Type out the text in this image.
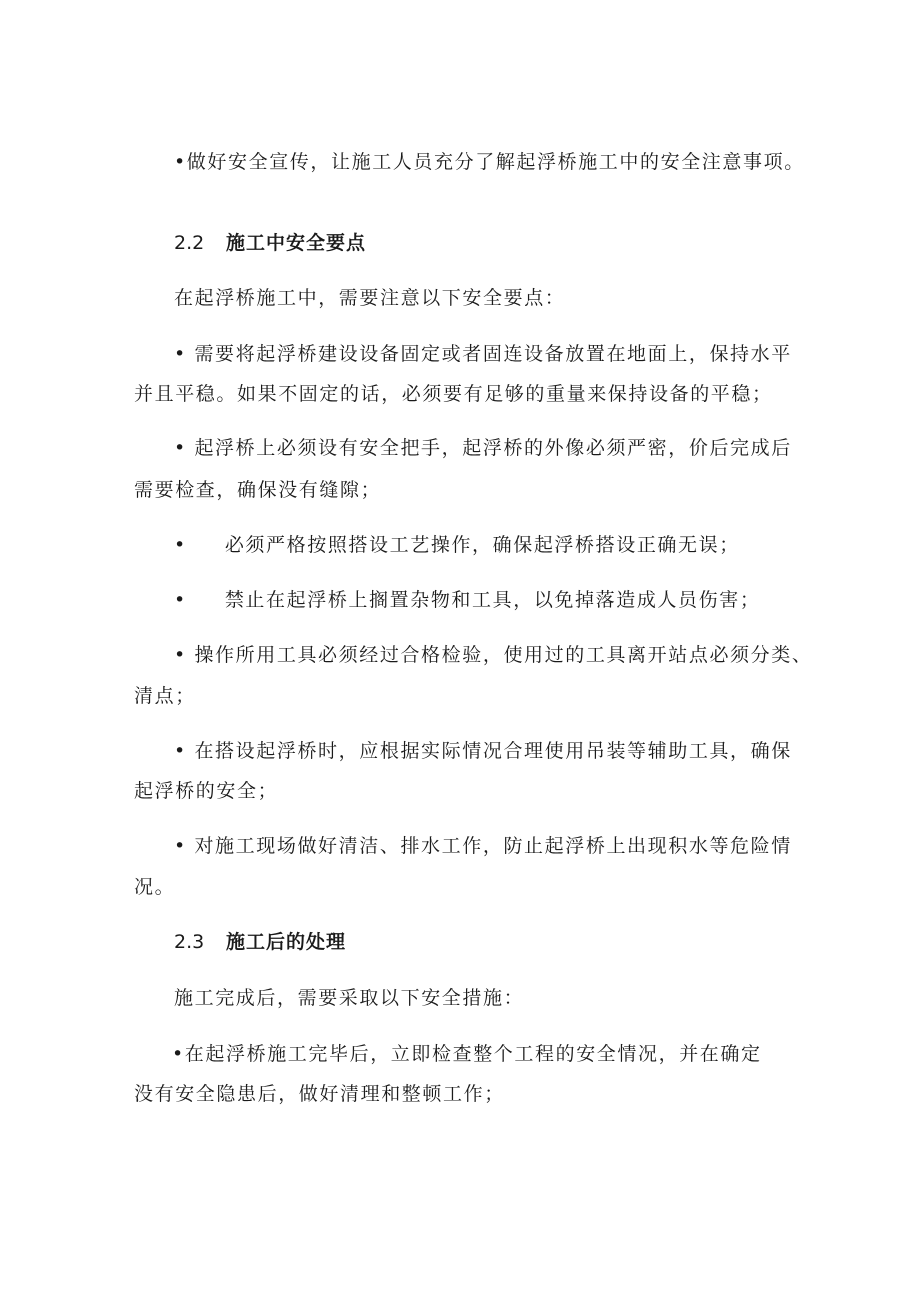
•做好安全宣传，让施工人员充分了解起浮桥施工中的安全注意事项。
2.2 施工中安全要点
在起浮桥施工中，需要注意以下安全要点：
• 需要将起浮桥建设设备固定或者固连设备放置在地面上，保持水平
并且平稳。如果不固定的话，必须要有足够的重量来保持设备的平稳；
• 起浮桥上必须设有安全把手，起浮桥的外像必须严密，价后完成后
需要检查，确保没有缝隙；
• 必须严格按照搭设工艺操作，确保起浮桥搭设正确无误；
• 禁止在起浮桥上搁置杂物和工具，以免掉落造成人员伤害；
• 操作所用工具必须经过合格检验，使用过的工具离开站点必须分类、
清点；
• 在搭设起浮桥时，应根据实际情况合理使用吊装等辅助工具，确保
起浮桥的安全；
• 对施工现场做好清洁、排水工作，防止起浮桥上出现积水等危险情
况。
2.3 施工后的处理
施工完成后，需要采取以下安全措施：
•在起浮桥施工完毕后，立即检查整个工程的安全情况，并在确定
没有安全隐患后，做好清理和整顿工作；
